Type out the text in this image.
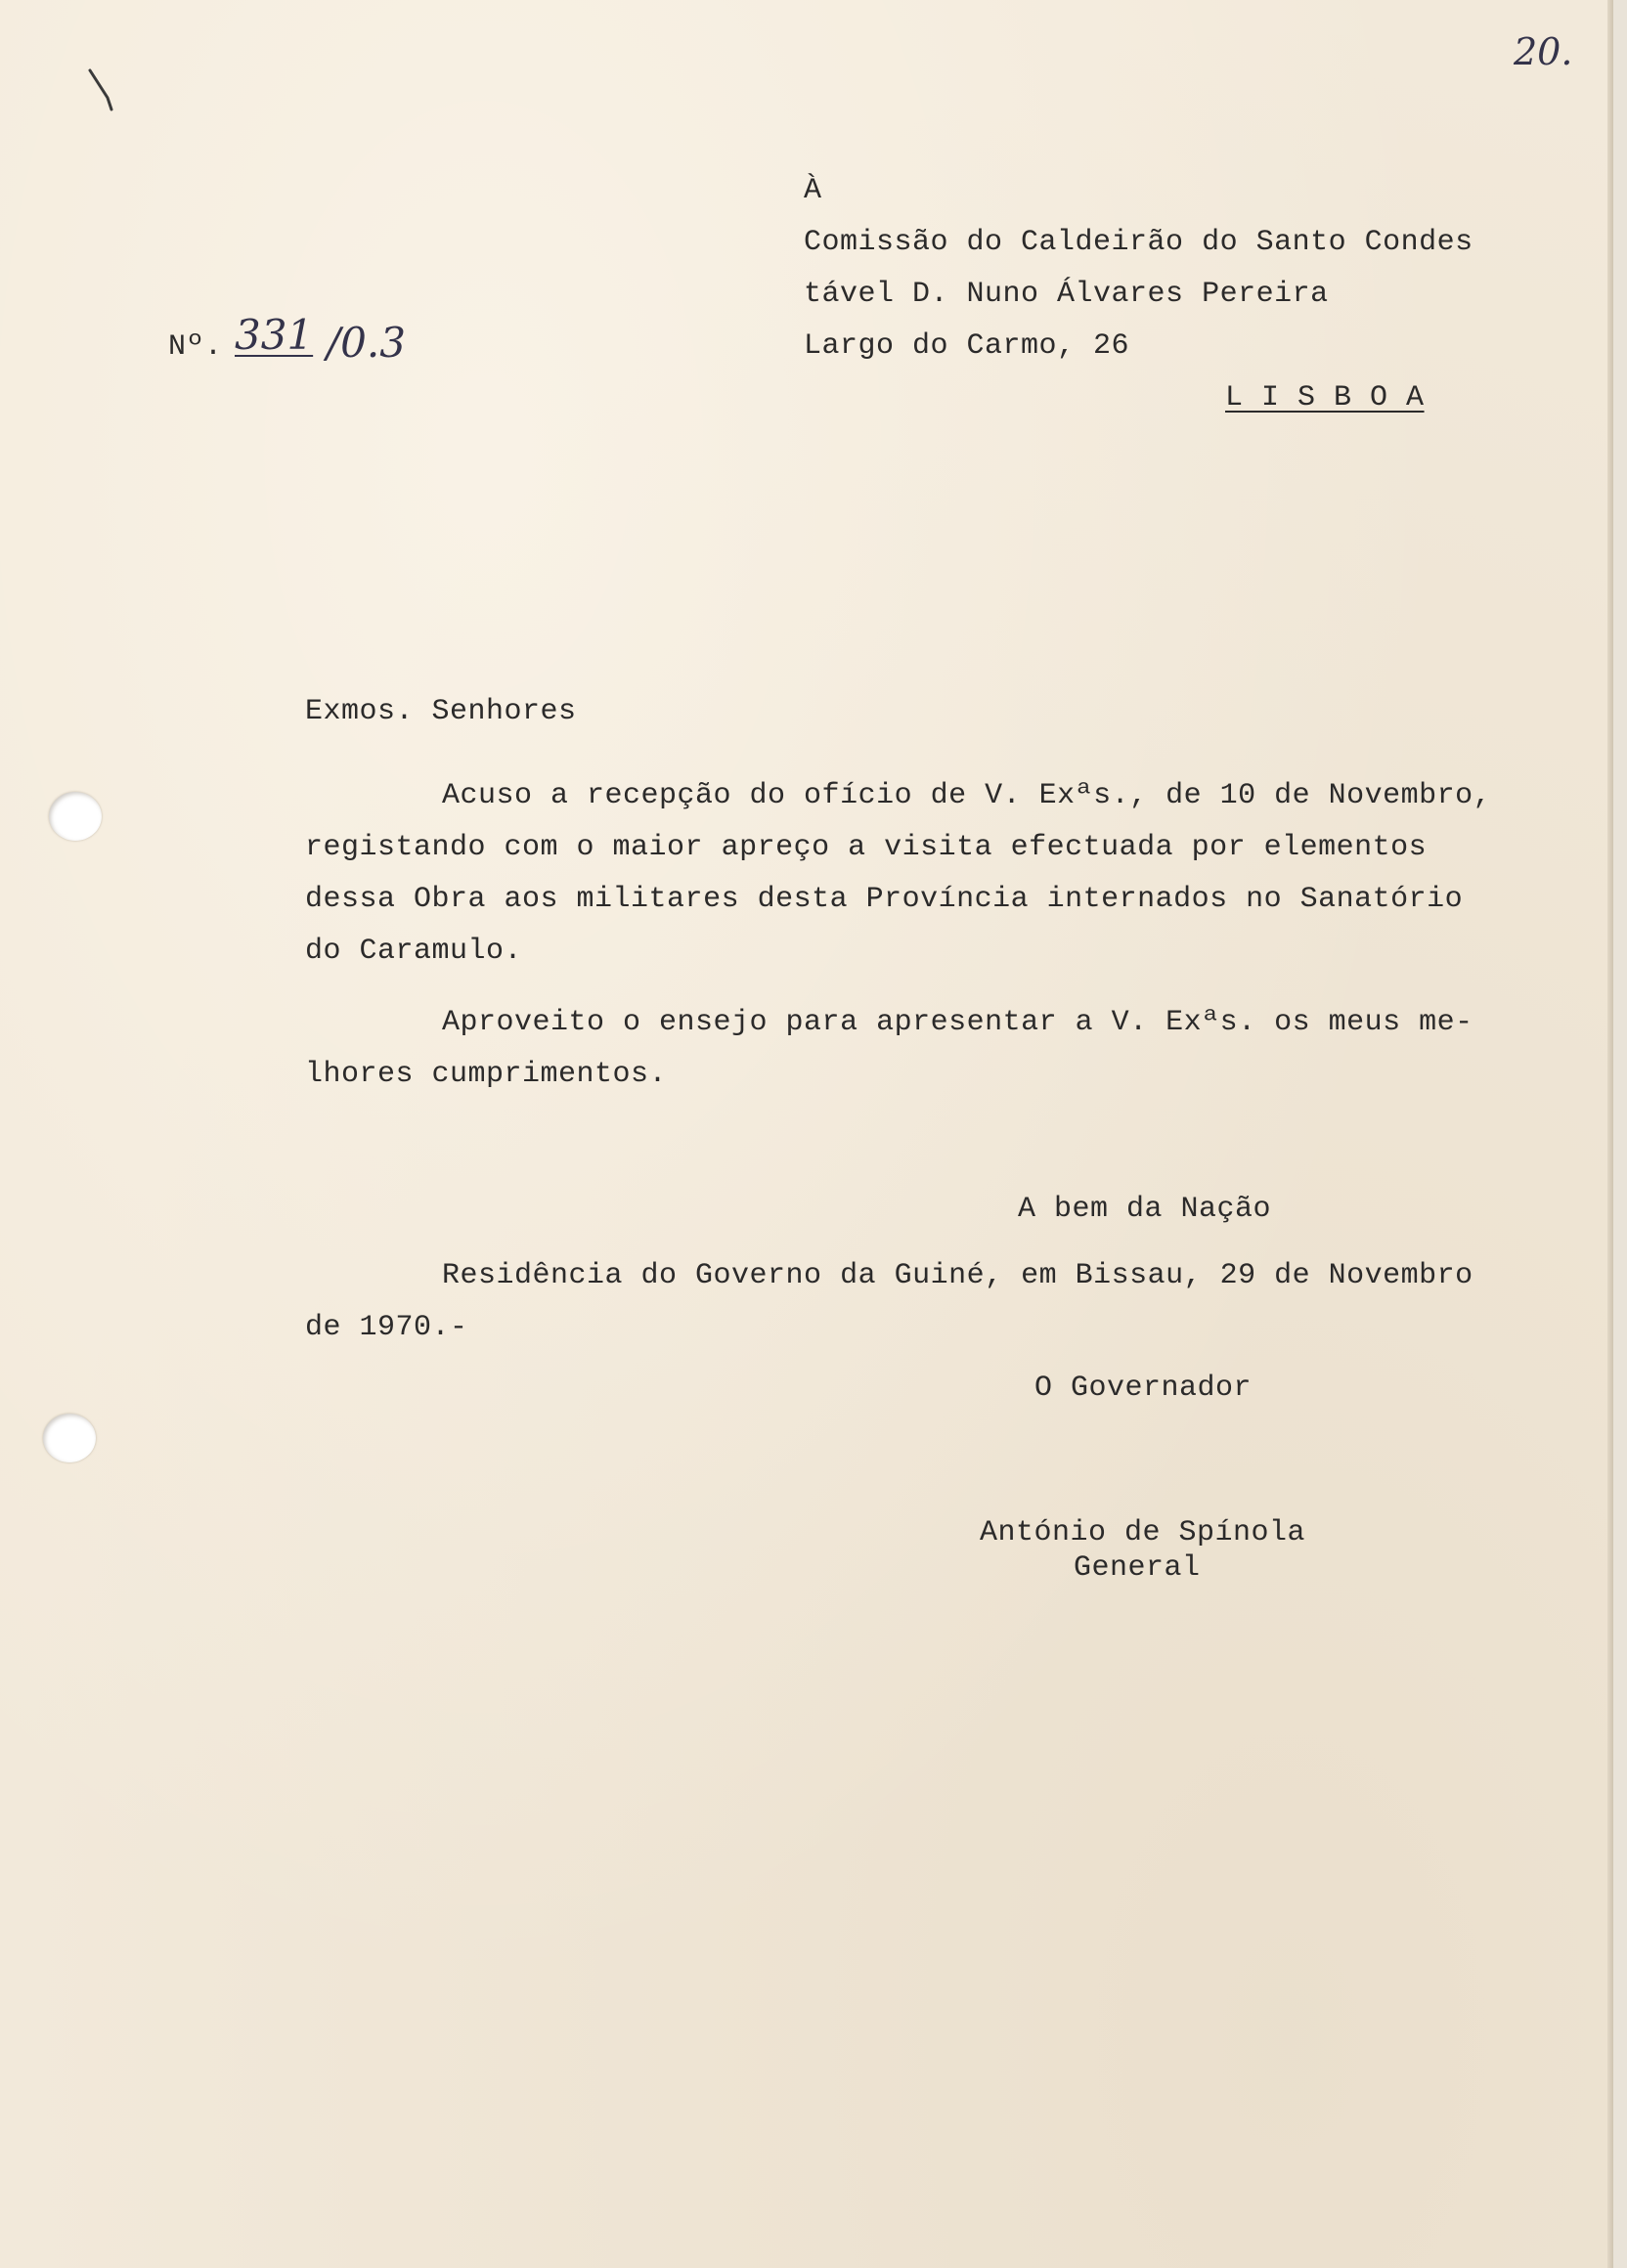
20.
À
Comissão do Caldeirão do Santo Condes
tável D. Nuno Álvares Pereira
Largo do Carmo, 26
L I S B O A
Nº. 331 /0.3
Exmos. Senhores
Acuso a recepção do ofício de V. Exªs., de 10 de Novembro,
registando com o maior apreço a visita efectuada por elementos
dessa Obra aos militares desta Província internados no Sanatório
do Caramulo.
Aproveito o ensejo para apresentar a V. Exªs. os meus me-
lhores cumprimentos.
A bem da Nação
Residência do Governo da Guiné, em Bissau, 29 de Novembro
de 1970.-
O Governador
António de Spínola
General
